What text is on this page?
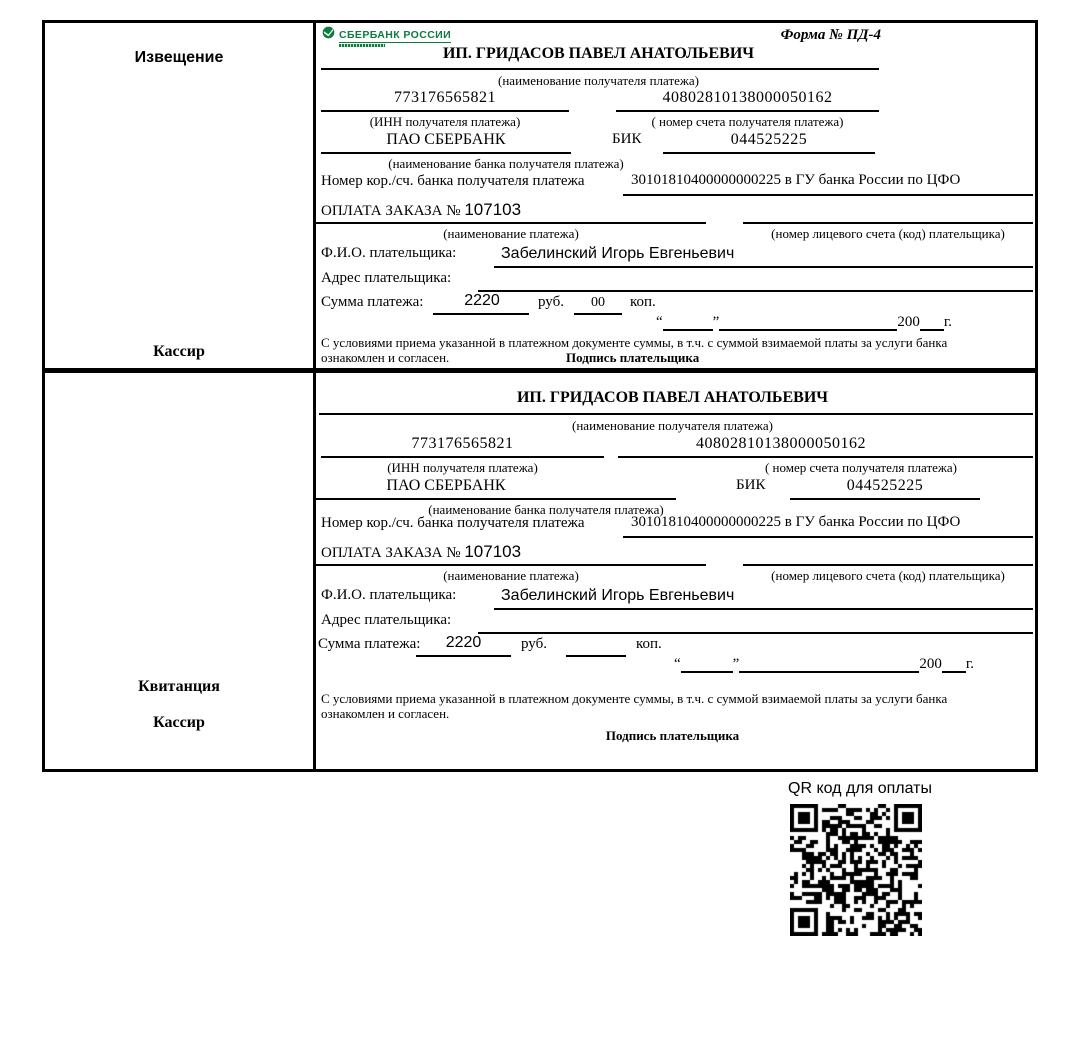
Извещение
Кассир
СБЕРБАНК РОССИИ	Форма № ПД-4
ИП. ГРИДАСОВ ПАВЕЛ АНАТОЛЬЕВИЧ
(наименование получателя платежа)
773176565821	40802810138000050162
(ИНН получателя платежа)	( номер счета получателя платежа)
ПАО СБЕРБАНК	БИК	044525225
(наименование банка получателя платежа)
Номер кор./сч. банка получателя платежа	30101810400000000225 в ГУ банка России по ЦФО
ОПЛАТА ЗАКАЗА № 107103
(наименование платежа)	(номер лицевого счета (код) плательщика)
Ф.И.О. плательщика:	Забелинский Игорь Евгеньевич
Адрес плательщика:
Сумма платежа:	2220	руб.	00	коп.
“	”	200 г.
С условиями приема указанной в платежном документе суммы, в т.ч. с суммой взимаемой платы за услуги банка
ознакомлен и согласен.	Подпись плательщика
Квитанция
Кассир
ИП. ГРИДАСОВ ПАВЕЛ АНАТОЛЬЕВИЧ
(наименование получателя платежа)
773176565821	40802810138000050162
(ИНН получателя платежа)	( номер счета получателя платежа)
ПАО СБЕРБАНК	БИК	044525225
(наименование банка получателя платежа)
Номер кор./сч. банка получателя платежа	30101810400000000225 в ГУ банка России по ЦФО
ОПЛАТА ЗАКАЗА № 107103
(наименование платежа)	(номер лицевого счета (код) плательщика)
Ф.И.О. плательщика:	Забелинский Игорь Евгеньевич
Адрес плательщика:
Сумма платежа:	2220	руб.	коп.
“	”	200 г.
С условиями приема указанной в платежном документе суммы, в т.ч. с суммой взимаемой платы за услуги банка
ознакомлен и согласен.
Подпись плательщика
QR код для оплаты
